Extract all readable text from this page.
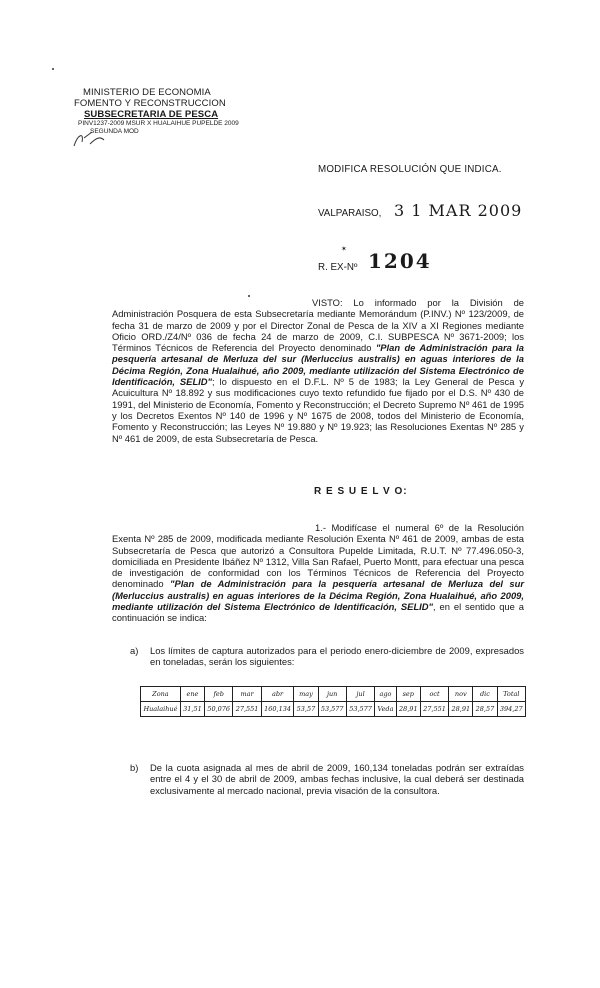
MINISTERIO DE ECONOMIA
FOMENTO Y RECONSTRUCCION
SUBSECRETARIA DE PESCA
PINV1237-2009 MSUR X HUALAIHUE PUPELDE 2009
SEGUNDA MOD
MODIFICA RESOLUCIÓN QUE INDICA.
VALPARAISO, 3 1 MAR 2009
R. EX-Nº 1204
✶
VISTO: Lo informado por la División de Administración Posquera de esta Subsecretaría mediante Memorándum (P.INV.) Nº 123/2009, de fecha 31 de marzo de 2009 y por el Director Zonal de Pesca de la XIV a XI Regiones mediante Oficio ORD./Z4/Nº 036 de fecha 24 de marzo de 2009, C.I. SUBPESCA Nº 3671-2009; los Términos Técnicos de Referencia del Proyecto denominado "Plan de Administración para la pesquería artesanal de Merluza del sur (Merluccius australis) en aguas interiores de la Décima Región, Zona Hualaihué, año 2009, mediante utilización del Sistema Electrónico de Identificación, SELID"; lo dispuesto en el D.F.L. Nº 5 de 1983; la Ley General de Pesca y Acuicultura Nº 18.892 y sus modificaciones cuyo texto refundido fue fijado por el D.S. Nº 430 de 1991, del Ministerio de Economía, Fomento y Reconstrucción; el Decreto Supremo Nº 461 de 1995 y los Decretos Exentos Nº 140 de 1996 y Nº 1675 de 2008, todos del Ministerio de Economía, Fomento y Reconstrucción; las Leyes Nº 19.880 y Nº 19.923; las Resoluciones Exentas Nº 285 y Nº 461 de 2009, de esta Subsecretaría de Pesca.
R E S U E L V O:
1.- Modifícase el numeral 6º de la Resolución Exenta Nº 285 de 2009, modificada mediante Resolución Exenta Nº 461 de 2009, ambas de esta Subsecretaría de Pesca que autorizó a Consultora Pupelde Limitada, R.U.T. Nº 77.496.050-3, domiciliada en Presidente Ibáñez Nº 1312, Villa San Rafael, Puerto Montt, para efectuar una pesca de investigación de conformidad con los Términos Técnicos de Referencia del Proyecto denominado "Plan de Administración para la pesquería artesanal de Merluza del sur (Merluccius australis) en aguas interiores de la Décima Región, Zona Hualaihué, año 2009, mediante utilización del Sistema Electrónico de Identificación, SELID", en el sentido que a continuación se indica:
a) Los límites de captura autorizados para el periodo enero-diciembre de 2009, expresados en toneladas, serán los siguientes:
Zona	ene	feb	mar	abr	may	jun	jul	ago	sep	oct	nov	dic	Total
Hualaihué	31,51	50,076	27,551	160,134	53,57	53,577	53,577	Veda	28,91	27,551	28,91	28,57	394,27
b) De la cuota asignada al mes de abril de 2009, 160,134 toneladas podrán ser extraídas entre el 4 y el 30 de abril de 2009, ambas fechas inclusive, la cual deberá ser destinada exclusivamente al mercado nacional, previa visación de la consultora.
